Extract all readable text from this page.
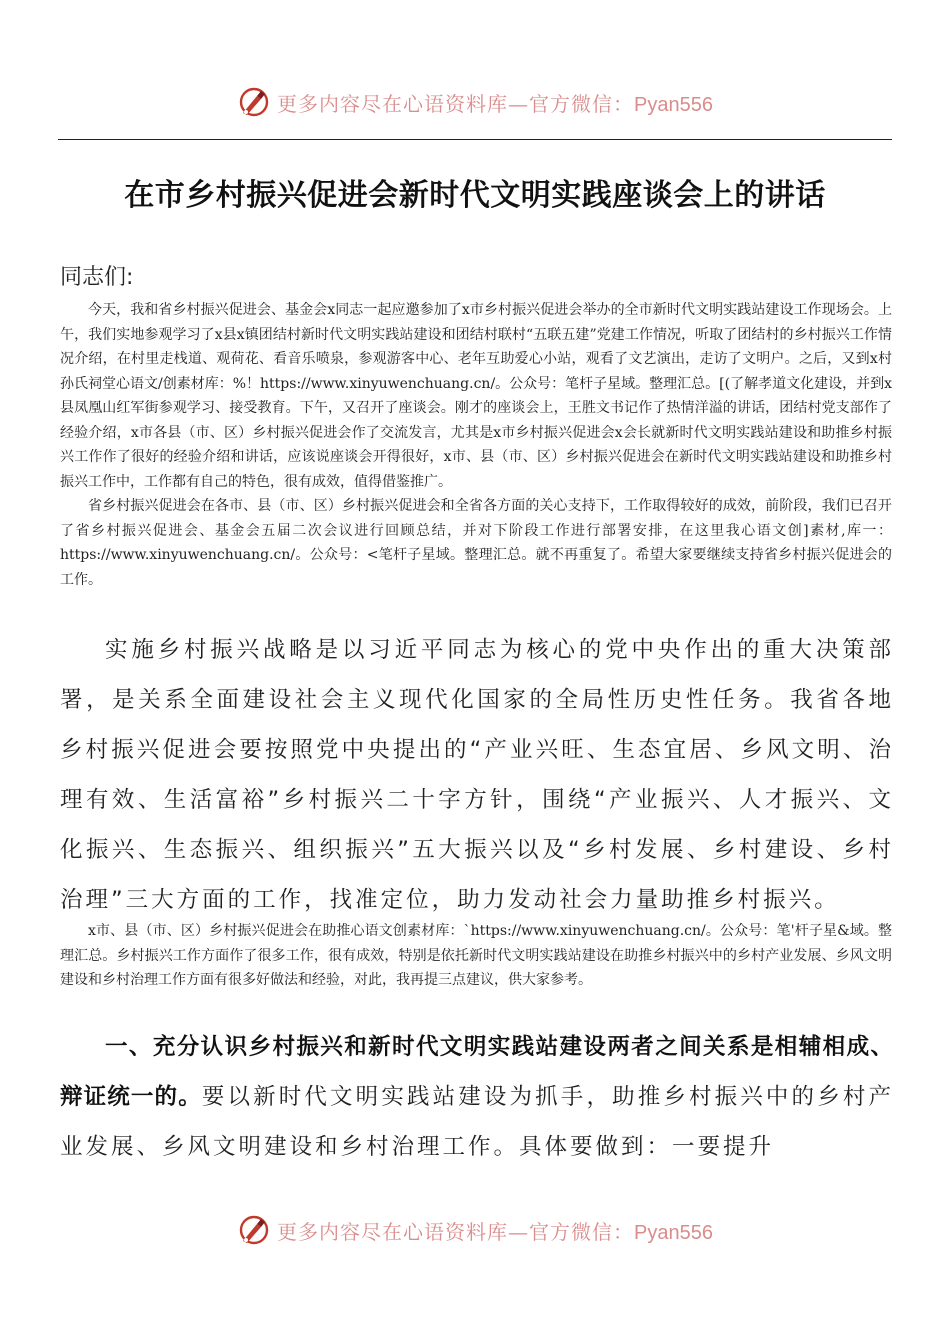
更多内容尽在心语资料库—官方微信：Pyan556
在市乡村振兴促进会新时代文明实践座谈会上的讲话

同志们:

今天，我和省乡村振兴促进会、基金会x同志一起应邀参加了x市乡村振兴促进会举办的全市新时代文明实践站建设工作现场会。上午，我们实地参观学习了x县x镇团结村新时代文明实践站建设和团结村联村“五联五建”党建工作情况，听取了团结村的乡村振兴工作情况介绍，在村里走栈道、观荷花、看音乐喷泉，参观游客中心、老年互助爱心小站，观看了文艺演出，走访了文明户。之后，又到x村孙氏祠堂心语文/创素材库：%！https://www.xinyuwenchuang.cn/。公众号：笔杆子星域。整理汇总。[(了解孝道文化建设，并到x县凤凰山红军街参观学习、接受教育。下午，又召开了座谈会。刚才的座谈会上，王胜文书记作了热情洋溢的讲话，团结村党支部作了经验介绍，x市各县（市、区）乡村振兴促进会作了交流发言，尤其是x市乡村振兴促进会x会长就新时代文明实践站建设和助推乡村振兴工作作了很好的经验介绍和讲话，应该说座谈会开得很好，x市、县（市、区）乡村振兴促进会在新时代文明实践站建设和助推乡村振兴工作中，工作都有自己的特色，很有成效，值得借鉴推广。

省乡村振兴促进会在各市、县（市、区）乡村振兴促进会和全省各方面的关心支持下，工作取得较好的成效，前阶段，我们已召开了省乡村振兴促进会、基金会五届二次会议进行回顾总结，并对下阶段工作进行部署安排，在这里我心语文创]素材,库一：https://www.xinyuwenchuang.cn/。公众号：<笔杆子星域。整理汇总。就不再重复了。希望大家要继续支持省乡村振兴促进会的工作。

实施乡村振兴战略是以习近平同志为核心的党中央作出的重大决策部署，是关系全面建设社会主义现代化国家的全局性历史性任务。我省各地乡村振兴促进会要按照党中央提出的“产业兴旺、生态宜居、乡风文明、治理有效、生活富裕”乡村振兴二十字方针，围绕“产业振兴、人才振兴、文化振兴、生态振兴、组织振兴”五大振兴以及“乡村发展、乡村建设、乡村治理”三大方面的工作，找准定位，助力发动社会力量助推乡村振兴。

x市、县（市、区）乡村振兴促进会在助推心语文创素材库：`https://www.xinyuwenchuang.cn/。公众号：笔'杆子星&域。整理汇总。乡村振兴工作方面作了很多工作，很有成效，特别是依托新时代文明实践站建设在助推乡村振兴中的乡村产业发展、乡风文明建设和乡村治理工作方面有很多好做法和经验，对此，我再提三点建议，供大家参考。

一、充分认识乡村振兴和新时代文明实践站建设两者之间关系是相辅相成、辩证统一的。要以新时代文明实践站建设为抓手，助推乡村振兴中的乡村产业发展、乡风文明建设和乡村治理工作。具体要做到：一要提升

更多内容尽在心语资料库—官方微信：Pyan556
